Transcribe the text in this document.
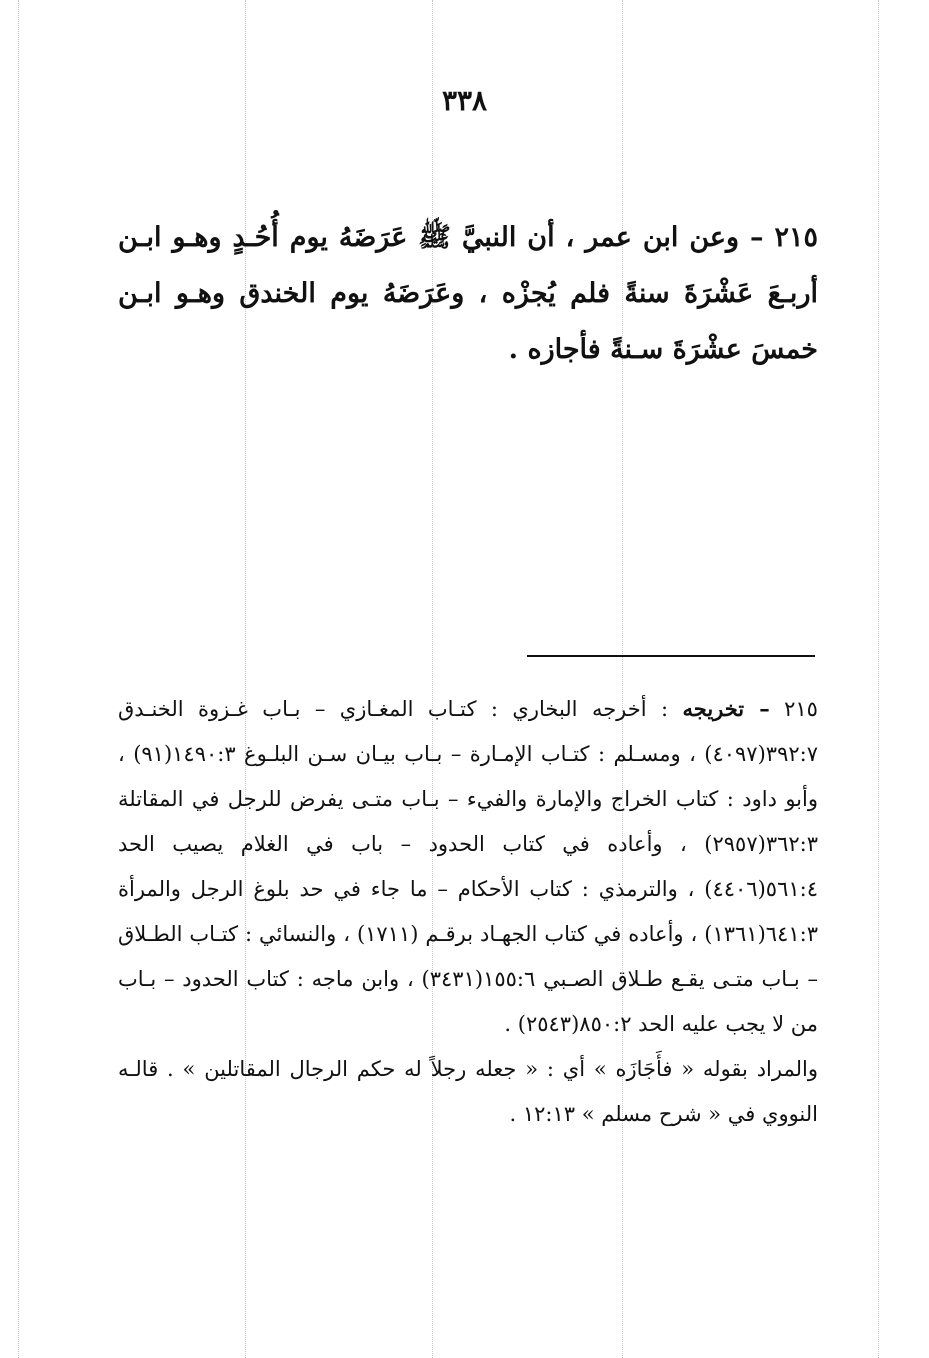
٣٣٨
٢١٥ – وعن ابن عمر ، أن النبيَّ ﷺ عَرَضَهُ يوم أُحُـدٍ وهـو ابـن أربـعَ عَشْرَةَ سنةً فلم يُجزْه ، وعَرَضَهُ يوم الخندق وهـو ابـن خمسَ عشْرَةَ سـنةً فأجازه .

٢١٥ – تخريجه : أخرجه البخاري : كتـاب المغـازي – بـاب غـزوة الخنـدق ٣٩٢:٧(٤٠٩٧) ، ومسـلم : كتـاب الإمـارة – بـاب بيـان سـن البلـوغ ١٤٩٠:٣(٩١) ، وأبو داود : كتاب الخراج والإمارة والفيء – بـاب متـى يفرض للرجل في المقاتلة ٣٦٢:٣(٢٩٥٧) ، وأعاده في كتاب الحدود – باب في الغلام يصيب الحد ٥٦١:٤(٤٤٠٦) ، والترمذي : كتاب الأحكام – ما جاء في حد بلوغ الرجل والمرأة ٦٤١:٣(١٣٦١) ، وأعاده في كتاب الجهـاد برقـم (١٧١١) ، والنسائي : كتـاب الطـلاق – بـاب متـى يقـع طـلاق الصـبي ١٥٥:٦(٣٤٣١) ، وابن ماجه : كتاب الحدود – بـاب من لا يجب عليه الحد ٨٥٠:٢(٢٥٤٣) .

والمراد بقوله « فأَجَازَه » أي : « جعله رجلاً له حكم الرجال المقاتلين » . قالـه النووي في « شرح مسلم » ١٢:١٣ .
